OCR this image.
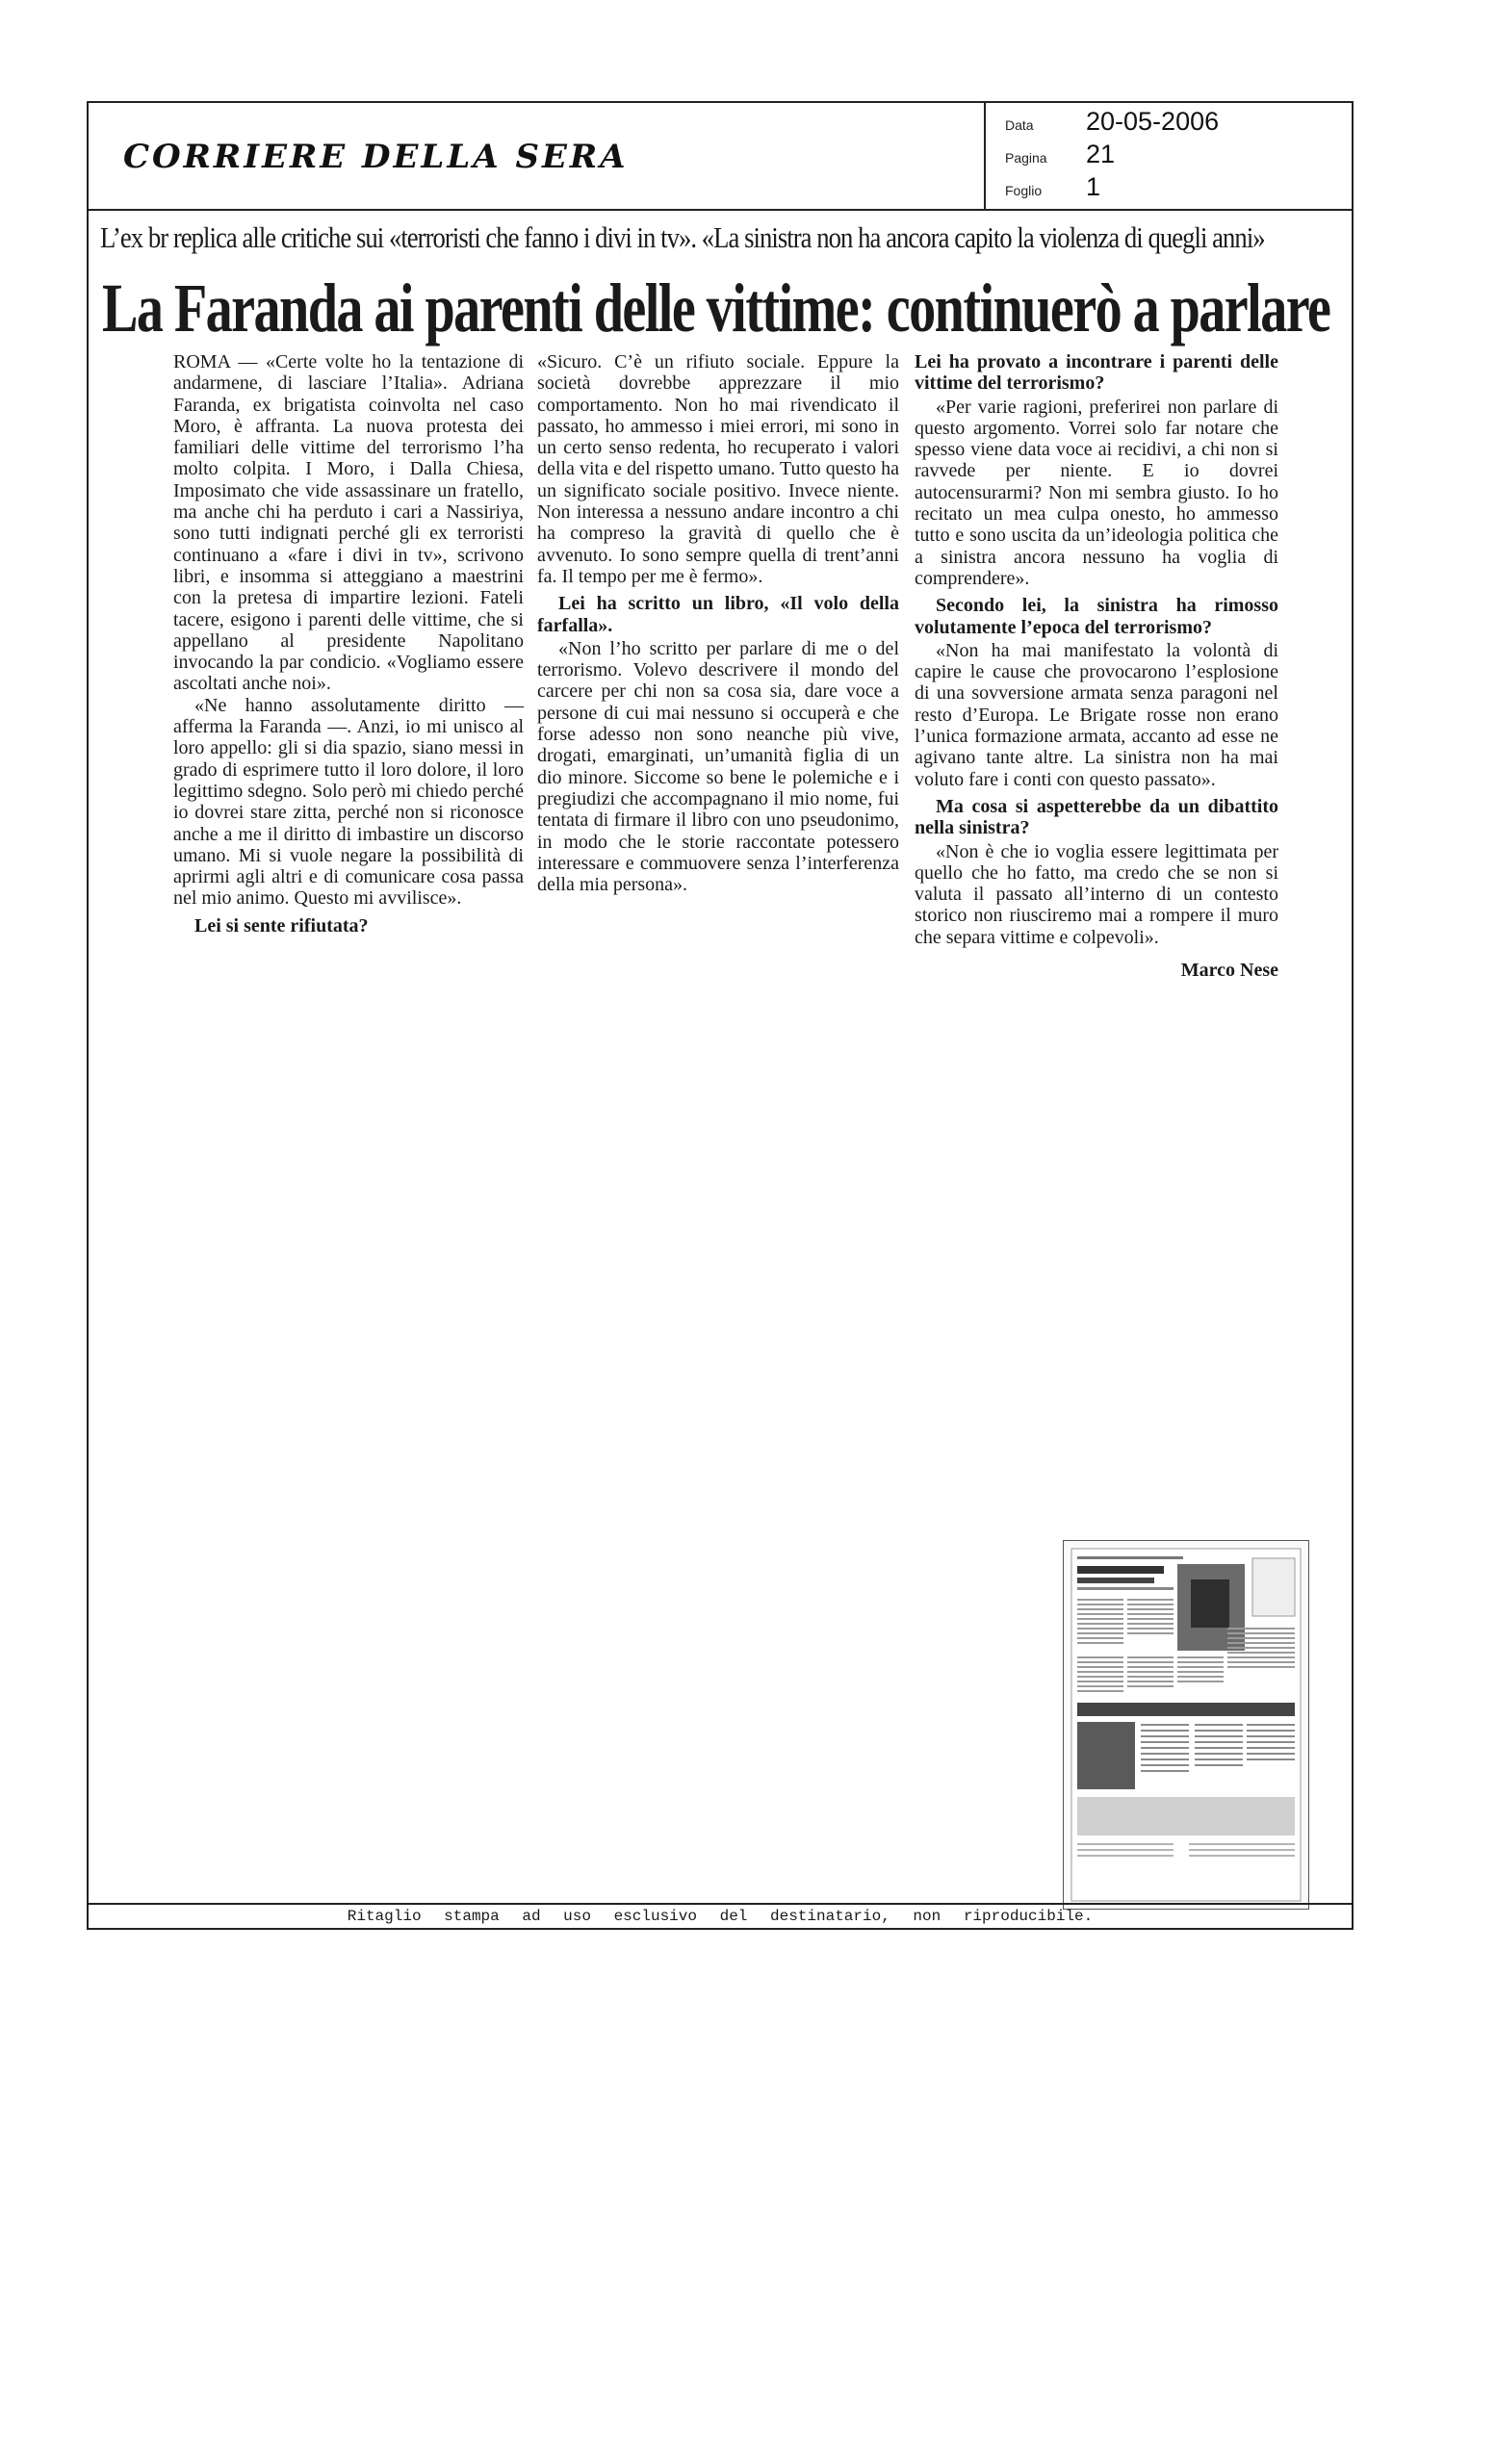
CORRIERE DELLA SERA
Data 20-05-2006
Pagina 21
Foglio 1
L’ex br replica alle critiche sui «terroristi che fanno i divi in tv». «La sinistra non ha ancora capito la violenza di quegli anni»
La Faranda ai parenti delle vittime: continuerò a parlare

ROMA — «Certe volte ho la tentazione di andarmene, di lasciare l’Italia». Adriana Faranda, ex brigatista coinvolta nel caso Moro, è affranta. La nuova protesta dei familiari delle vittime del terrorismo l’ha molto colpita. I Moro, i Dalla Chiesa, Imposimato che vide assassinare un fratello, ma anche chi ha perduto i cari a Nassiriya, sono tutti indignati perché gli ex terroristi continuano a «fare i divi in tv», scrivono libri, e insomma si atteggiano a maestrini con la pretesa di impartire lezioni. Fateli tacere, esigono i parenti delle vittime, che si appellano al presidente Napolitano invocando la par condicio. «Vogliamo essere ascoltati anche noi».

«Ne hanno assolutamente diritto — afferma la Faranda —. Anzi, io mi unisco al loro appello: gli si dia spazio, siano messi in grado di esprimere tutto il loro dolore, il loro legittimo sdegno. Solo però mi chiedo perché io dovrei stare zitta, perché non si riconosce anche a me il diritto di imbastire un discorso umano. Mi si vuole negare la possibilità di aprirmi agli altri e di comunicare cosa passa nel mio animo. Questo mi avvilisce».

Lei si sente rifiutata?

«Sicuro. C’è un rifiuto sociale. Eppure la società dovrebbe apprezzare il mio comportamento. Non ho mai rivendicato il passato, ho ammesso i miei errori, mi sono in un certo senso redenta, ho recuperato i valori della vita e del rispetto umano. Tutto questo ha un significato sociale positivo. Invece niente. Non interessa a nessuno andare incontro a chi ha compreso la gravità di quello che è avvenuto. Io sono sempre quella di trent’anni fa. Il tempo per me è fermo».

Lei ha scritto un libro, «Il volo della farfalla».

«Non l’ho scritto per parlare di me o del terrorismo. Volevo descrivere il mondo del carcere per chi non sa cosa sia, dare voce a persone di cui mai nessuno si occuperà e che forse adesso non sono neanche più vive, drogati, emarginati, un’umanità figlia di un dio minore. Siccome so bene le polemiche e i pregiudizi che accompagnano il mio nome, fui tentata di firmare il libro con uno pseudonimo, in modo che le storie raccontate potessero interessare e commuovere senza l’interferenza della mia persona».

Lei ha provato a incontrare i parenti delle vittime del terrorismo?

«Per varie ragioni, preferirei non parlare di questo argomento. Vorrei solo far notare che spesso viene data voce ai recidivi, a chi non si ravvede per niente. E io dovrei autocensurarmi? Non mi sembra giusto. Io ho recitato un mea culpa onesto, ho ammesso tutto e sono uscita da un’ideologia politica che a sinistra ancora nessuno ha voglia di comprendere».

Secondo lei, la sinistra ha rimosso volutamente l’epoca del terrorismo?

«Non ha mai manifestato la volontà di capire le cause che provocarono l’esplosione di una sovversione armata senza paragoni nel resto d’Europa. Le Brigate rosse non erano l’unica formazione armata, accanto ad esse ne agivano tante altre. La sinistra non ha mai voluto fare i conti con questo passato».

Ma cosa si aspetterebbe da un dibattito nella sinistra?

«Non è che io voglia essere legittimata per quello che ho fatto, ma credo che se non si valuta il passato all’interno di un contesto storico non riusciremo mai a rompere il muro che separa vittime e colpevoli».

Marco Nese
Ritaglio stampa ad uso esclusivo del destinatario, non riproducibile.
